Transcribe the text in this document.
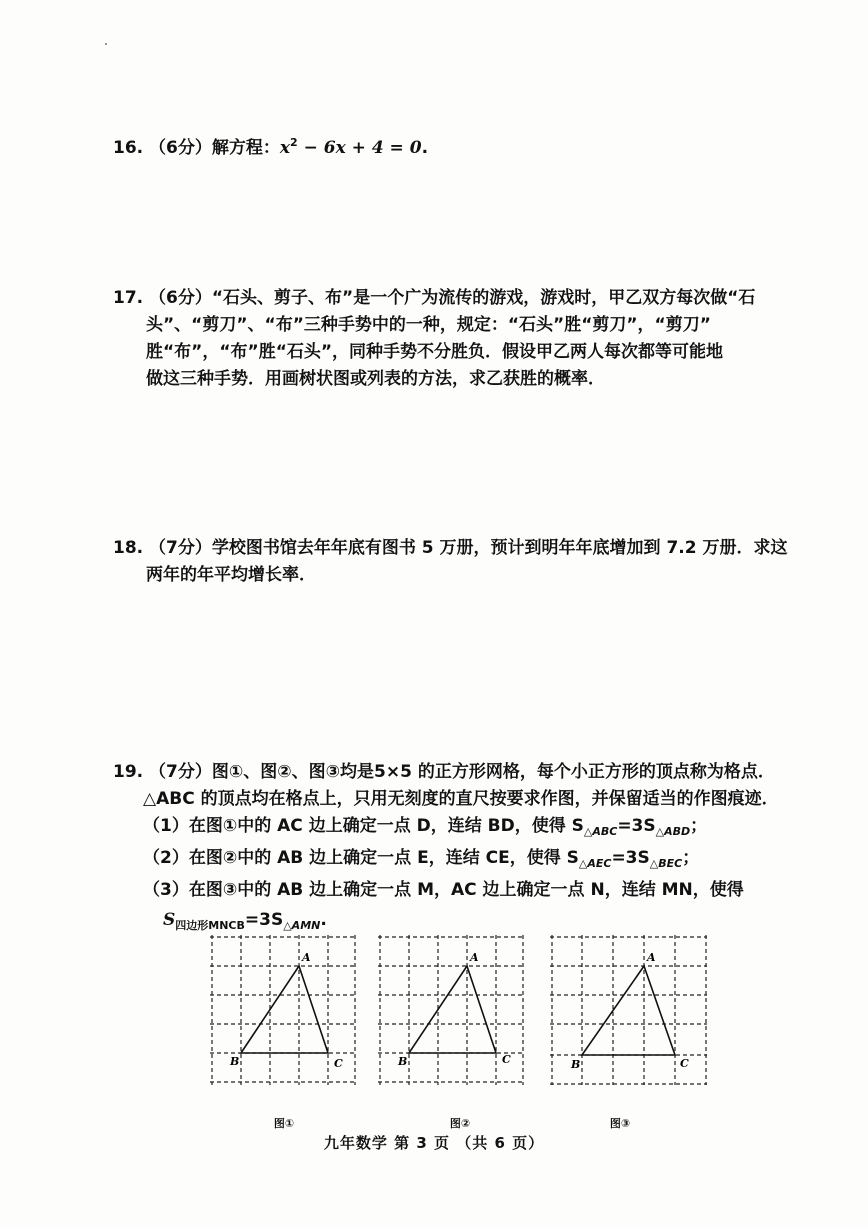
16. （6分）解方程：$x^2 - 6x + 4 = 0$.
17. （6分）“石头、剪子、布”是一个广为流传的游戏，游戏时，甲乙双方每次做“石
头”、“剪刀”、“布”三种手势中的一种，规定：“石头”胜“剪刀”，“剪刀”
胜“布”，“布”胜“石头”，同种手势不分胜负．假设甲乙两人每次都等可能地
做这三种手势．用画树状图或列表的方法，求乙获胜的概率．
18. （7分）学校图书馆去年年底有图书 5 万册，预计到明年年底增加到 7.2 万册．求这
两年的年平均增长率．
19. （7分）图①、图②、图③均是5×5 的正方形网格，每个小正方形的顶点称为格点．
△ABC 的顶点均在格点上，只用无刻度的直尺按要求作图，并保留适当的作图痕迹．
（1）在图①中的 AC 边上确定一点 D，连结 BD，使得 $S_{\triangle ABC}=3S_{\triangle ABD}$；
（2）在图②中的 AB 边上确定一点 E，连结 CE，使得 $S_{\triangle AEC}=3S_{\triangle BEC}$；
（3）在图③中的 AB 边上确定一点 M，AC 边上确定一点 N，连结 MN，使得
$S_{四边形MNCB}=3S_{\triangle AMN}$.
A
B	C
A
B	C
A
B	C
图①	图②	图③
九年数学 第 3 页 （共 6 页）
